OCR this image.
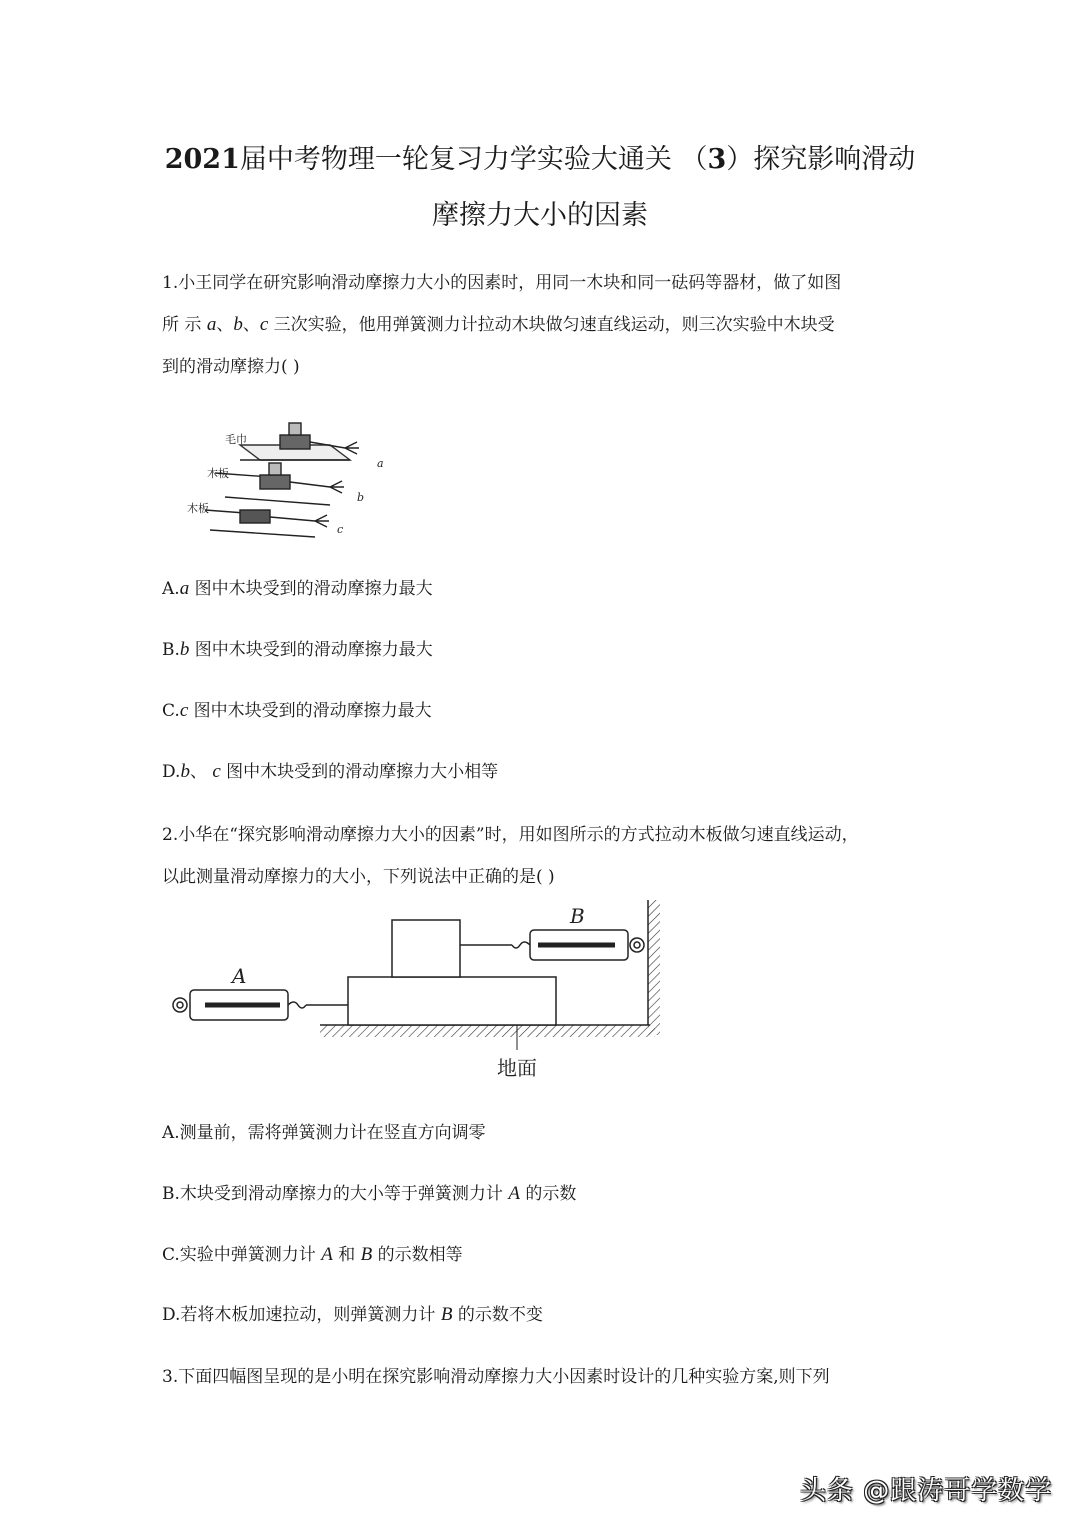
2021届中考物理一轮复习力学实验大通关 （3）探究影响滑动
摩擦力大小的因素
1.小王同学在研究影响滑动摩擦力大小的因素时，用同一木块和同一砝码等器材，做了如图
所 示 a、b、c 三次实验，他用弹簧测力计拉动木块做匀速直线运动，则三次实验中木块受
到的滑动摩擦力( )
毛巾
木板
木板
a
b
c
A.a 图中木块受到的滑动摩擦力最大
B.b 图中木块受到的滑动摩擦力最大
C.c 图中木块受到的滑动摩擦力最大
D.b、 c 图中木块受到的滑动摩擦力大小相等
2.小华在“探究影响滑动摩擦力大小的因素”时，用如图所示的方式拉动木板做匀速直线运动，
以此测量滑动摩擦力的大小，下列说法中正确的是( )
A
B
地面
A.测量前，需将弹簧测力计在竖直方向调零
B.木块受到滑动摩擦力的大小等于弹簧测力计 A 的示数
C.实验中弹簧测力计 A 和 B 的示数相等
D.若将木板加速拉动，则弹簧测力计 B 的示数不变
3.下面四幅图呈现的是小明在探究影响滑动摩擦力大小因素时设计的几种实验方案,则下列
头条 @跟涛哥学数学
